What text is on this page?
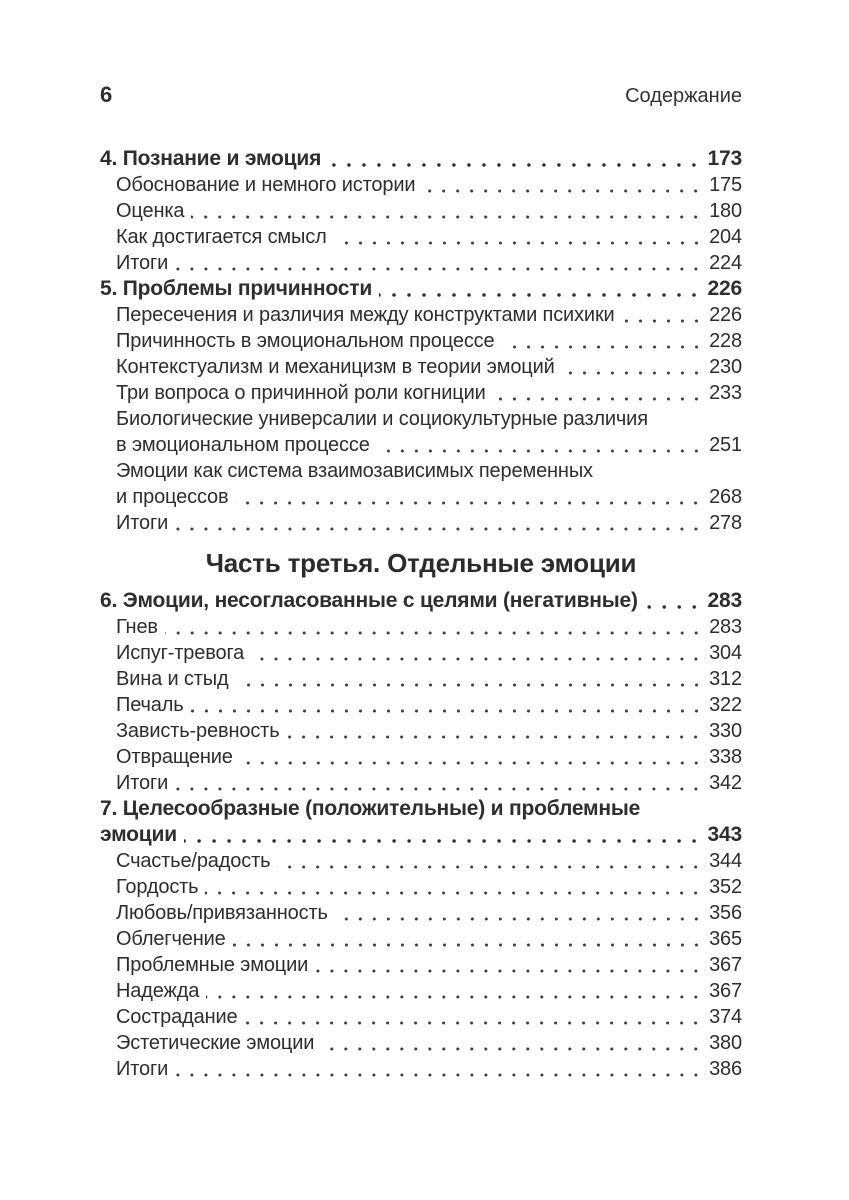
6	Содержание
4. Познание и эмоция	173
Обоснование и немного истории	175
Оценка	180
Как достигается смысл	204
Итоги	224
5. Проблемы причинности	226
Пересечения и различия между конструктами психики	226
Причинность в эмоциональном процессе	228
Контекстуализм и механицизм в теории эмоций	230
Три вопроса о причинной роли когниции	233
Биологические универсалии и социокультурные различия
в эмоциональном процессе	251
Эмоции как система взаимозависимых переменных
и процессов	268
Итоги	278
Часть третья. Отдельные эмоции
6. Эмоции, несогласованные с целями (негативные)	283
Гнев	283
Испуг-тревога	304
Вина и стыд	312
Печаль	322
Зависть-ревность	330
Отвращение	338
Итоги	342
7. Целесообразные (положительные) и проблемные
эмоции	343
Счастье/радость	344
Гордость	352
Любовь/привязанность	356
Облегчение	365
Проблемные эмоции	367
Надежда	367
Сострадание	374
Эстетические эмоции	380
Итоги	386
